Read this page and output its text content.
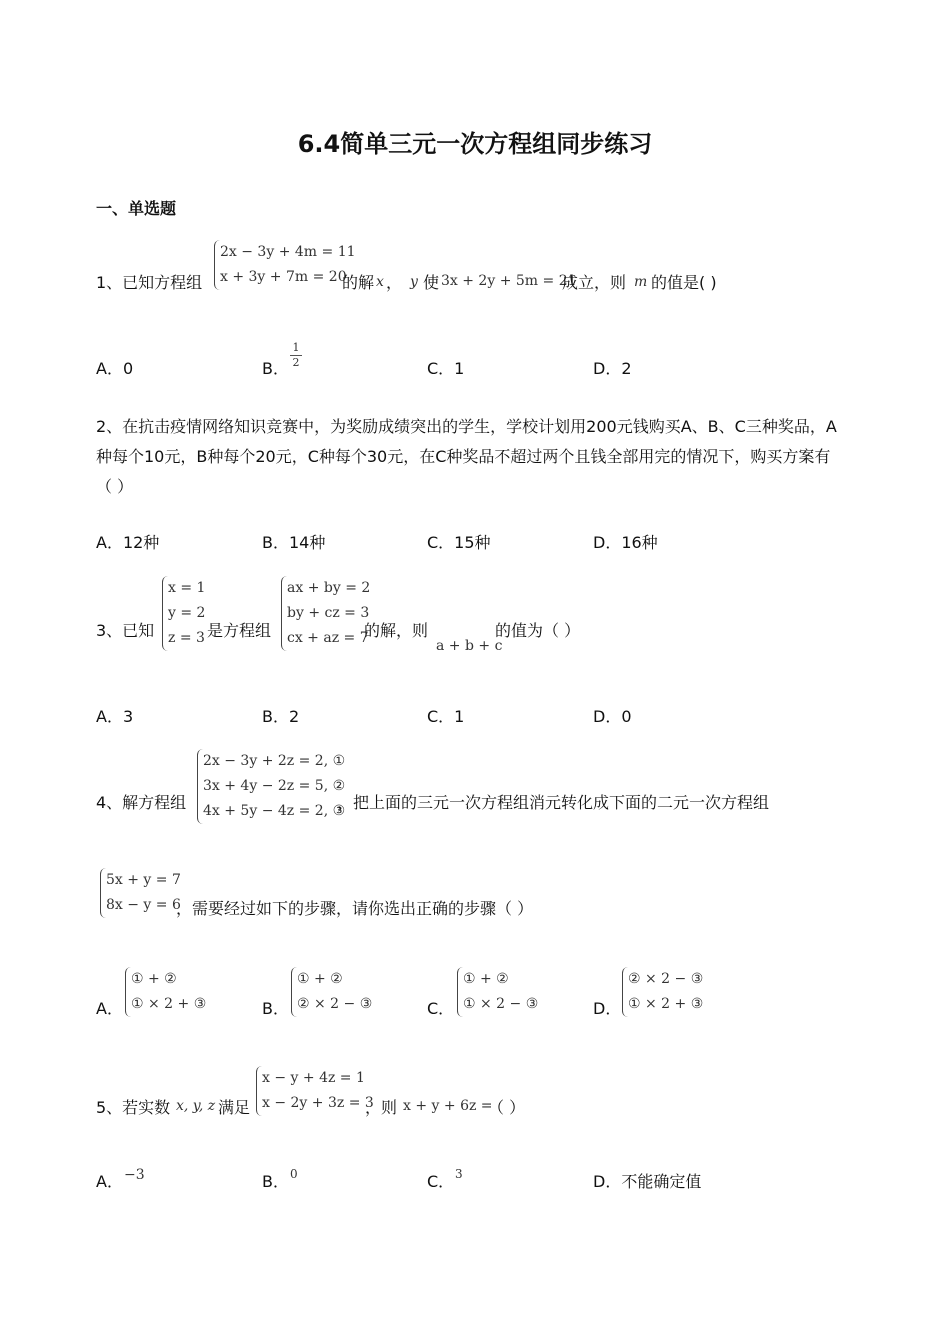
6.4简单三元一次方程组同步练习
一、单选题
1、已知方程组
2x − 3y + 4m = 11
x + 3y + 7m = 20
的解 x ， y 使 3x + 2y + 5m = 21
成立，则 m 的值是( )
A．0	B．
1
2	C．1	D．2
2、在抗击疫情网络知识竞赛中，为奖励成绩突出的学生，学校计划用200元钱购买A、B、C三种奖品，A种每个10元，B种每个20元，C种每个30元，在C种奖品不超过两个且钱全部用完的情况下，购买方案有（ ）
A．12种	B．14种	C．15种	D．16种
3、已知
x = 1
y = 2
z = 3 是方程组
ax + by = 2
by + cz = 3
cx + az = 7
的解，则
a + b + c
的值为（ ）
A．3	B．2	C．1	D．0
4、解方程组
2x − 3y + 2z = 2, ①
3x + 4y − 2z = 5, ②
4x + 5y − 4z = 2, ③
，把上面的三元一次方程组消元转化成下面的二元一次方程组
5x + y = 7
8x − y = 6
，需要经过如下的步骤，请你选出正确的步骤（ ）
A．
① + ②
① × 2 + ③	B．
① + ②
② × 2 − ③	C．
① + ②
① × 2 − ③	D．
② × 2 − ③
① × 2 + ③
5、若实数 x, y, z 满足
x − y + 4z = 1
x − 2y + 3z = 3
，则 x + y + 6z =
（ ）
A． −3	B． 0	C． 3	D．不能确定值
